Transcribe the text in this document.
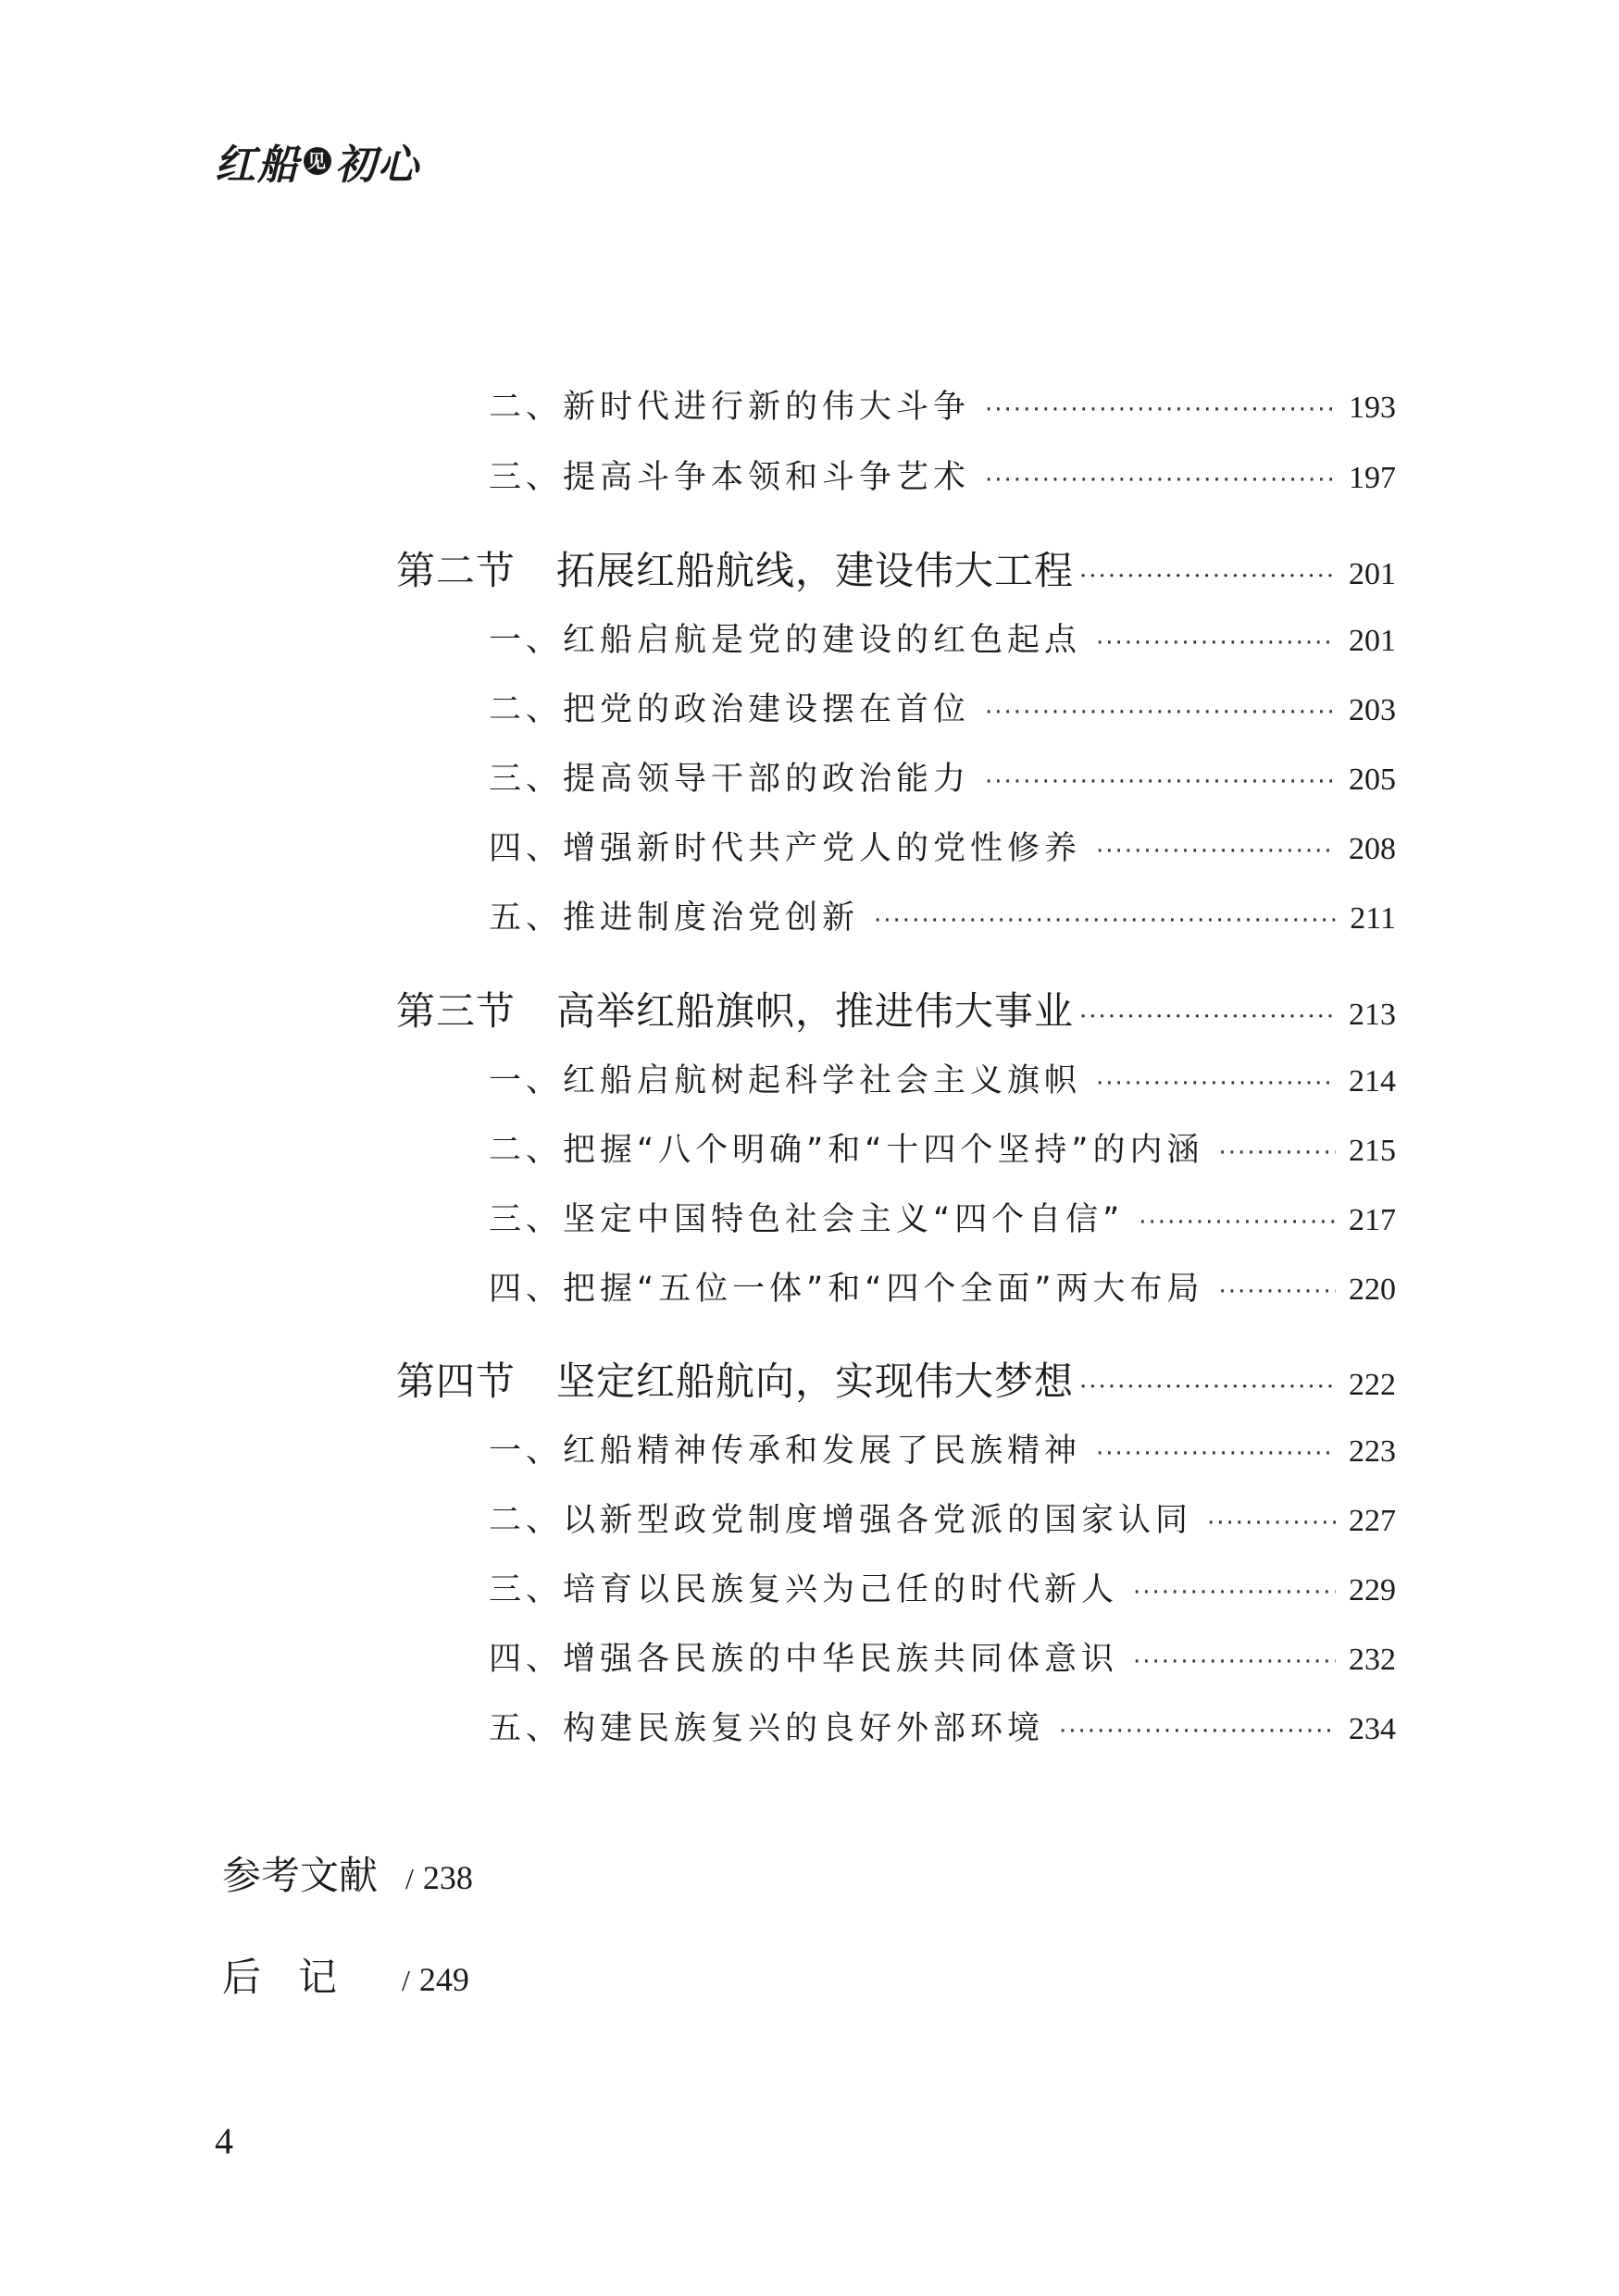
红船 见 初心
二、新时代进行新的伟大斗争 ·····	193
三、提高斗争本领和斗争艺术 ·····	197
第二节 拓展红船航线，建设伟大工程 ·····	201
一、红船启航是党的建设的红色起点 ·····	201
二、把党的政治建设摆在首位 ·····	203
三、提高领导干部的政治能力 ·····	205
四、增强新时代共产党人的党性修养 ·····	208
五、推进制度治党创新 ·····	211
第三节 高举红船旗帜，推进伟大事业 ·····	213
一、红船启航树起科学社会主义旗帜 ·····	214
二、把握“八个明确”和“十四个坚持”的内涵 ·····	215
三、坚定中国特色社会主义“四个自信” ·····	217
四、把握“五位一体”和“四个全面”两大布局 ·····	220
第四节 坚定红船航向，实现伟大梦想 ·····	222
一、红船精神传承和发展了民族精神 ·····	223
二、以新型政党制度增强各党派的国家认同 ·····	227
三、培育以民族复兴为己任的时代新人 ·····	229
四、增强各民族的中华民族共同体意识 ·····	232
五、构建民族复兴的良好外部环境 ·····	234
参考文献 / 238
后记 / 249
4
